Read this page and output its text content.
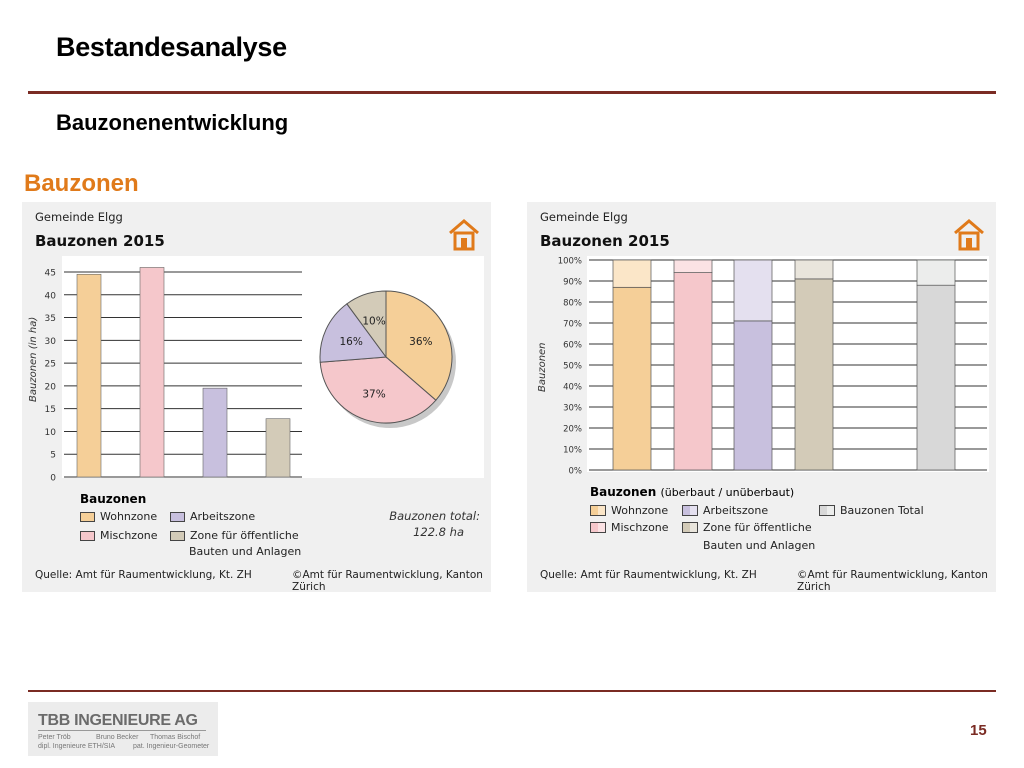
Bestandesanalyse
Bauzonenentwicklung
Bauzonen
Gemeinde Elgg
Bauzonen 2015
Bauzonen (in ha)
0
5
10
15
20
25
30
35
40
45
36%
37%
16%
10%
Bauzonen
Wohnzone
Mischzone
Arbeitszone
Zone für öffentliche
Bauten und Anlagen
Bauzonen total:
122.8 ha
Quelle: Amt für Raumentwicklung, Kt. ZH	©Amt für Raumentwicklung, Kanton Zürich
Gemeinde Elgg
Bauzonen 2015
Bauzonen
0%
10%
20%
30%
40%
50%
60%
70%
80%
90%
100%
Bauzonen (überbaut / unüberbaut)
Wohnzone
Mischzone
Arbeitszone
Zone für öffentliche
Bauten und Anlagen
Bauzonen Total
Quelle: Amt für Raumentwicklung, Kt. ZH	©Amt für Raumentwicklung, Kanton Zürich
TBB INGENIEURE AG
Peter Tröb	Bruno Becker Thomas Bischof
dipl. Ingenieure ETH/SIA	pat. Ingenieur-Geometer
15
